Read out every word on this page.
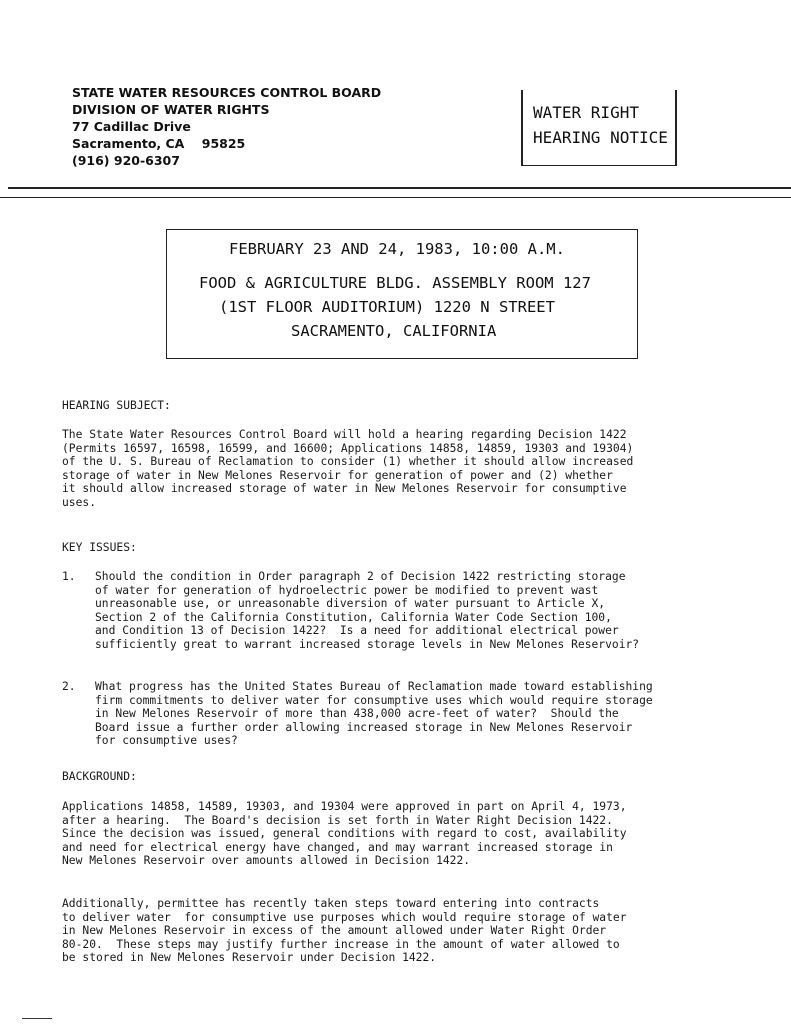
STATE WATER RESOURCES CONTROL BOARD
DIVISION OF WATER RIGHTS
77 Cadillac Drive
Sacramento, CA    95825
(916) 920-6307
WATER RIGHT
HEARING NOTICE
FEBRUARY 23 AND 24, 1983, 10:00 A.M.
FOOD & AGRICULTURE BLDG. ASSEMBLY ROOM 127
(1ST FLOOR AUDITORIUM) 1220 N STREET
SACRAMENTO, CALIFORNIA
HEARING SUBJECT:
The State Water Resources Control Board will hold a hearing regarding Decision 1422
(Permits 16597, 16598, 16599, and 16600; Applications 14858, 14859, 19303 and 19304)
of the U. S. Bureau of Reclamation to consider (1) whether it should allow increased
storage of water in New Melones Reservoir for generation of power and (2) whether
it should allow increased storage of water in New Melones Reservoir for consumptive
uses.
KEY ISSUES:
1. Should the condition in Order paragraph 2 of Decision 1422 restricting storage
of water for generation of hydroelectric power be modified to prevent wast
unreasonable use, or unreasonable diversion of water pursuant to Article X,
Section 2 of the California Constitution, California Water Code Section 100,
and Condition 13 of Decision 1422?  Is a need for additional electrical power
sufficiently great to warrant increased storage levels in New Melones Reservoir?
2. What progress has the United States Bureau of Reclamation made toward establishing
firm commitments to deliver water for consumptive uses which would require storage
in New Melones Reservoir of more than 438,000 acre-feet of water?  Should the
Board issue a further order allowing increased storage in New Melones Reservoir
for consumptive uses?
BACKGROUND:
Applications 14858, 14589, 19303, and 19304 were approved in part on April 4, 1973,
after a hearing.  The Board's decision is set forth in Water Right Decision 1422.
Since the decision was issued, general conditions with regard to cost, availability
and need for electrical energy have changed, and may warrant increased storage in
New Melones Reservoir over amounts allowed in Decision 1422.
Additionally, permittee has recently taken steps toward entering into contracts
to deliver water  for consumptive use purposes which would require storage of water
in New Melones Reservoir in excess of the amount allowed under Water Right Order
80-20.  These steps may justify further increase in the amount of water allowed to
be stored in New Melones Reservoir under Decision 1422.
